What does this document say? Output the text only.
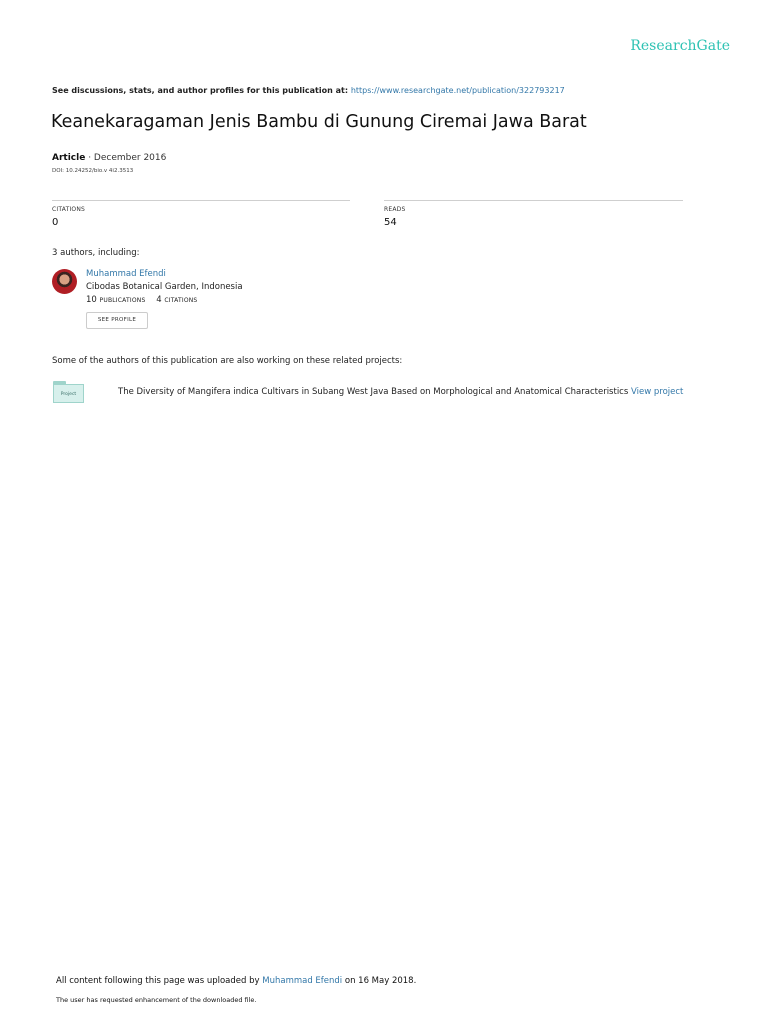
ResearchGate
See discussions, stats, and author profiles for this publication at: https://www.researchgate.net/publication/322793217
Keanekaragaman Jenis Bambu di Gunung Ciremai Jawa Barat
Article · December 2016
DOI: 10.24252/bio.v 4i2.3513
CITATIONS
0
READS
54
3 authors, including:
Muhammad Efendi
Cibodas Botanical Garden, Indonesia
10 PUBLICATIONS 4 CITATIONS
SEE PROFILE
Some of the authors of this publication are also working on these related projects:
Project	The Diversity of Mangifera indica Cultivars in Subang West Java Based on Morphological and Anatomical Characteristics View project
All content following this page was uploaded by Muhammad Efendi on 16 May 2018.
The user has requested enhancement of the downloaded file.
